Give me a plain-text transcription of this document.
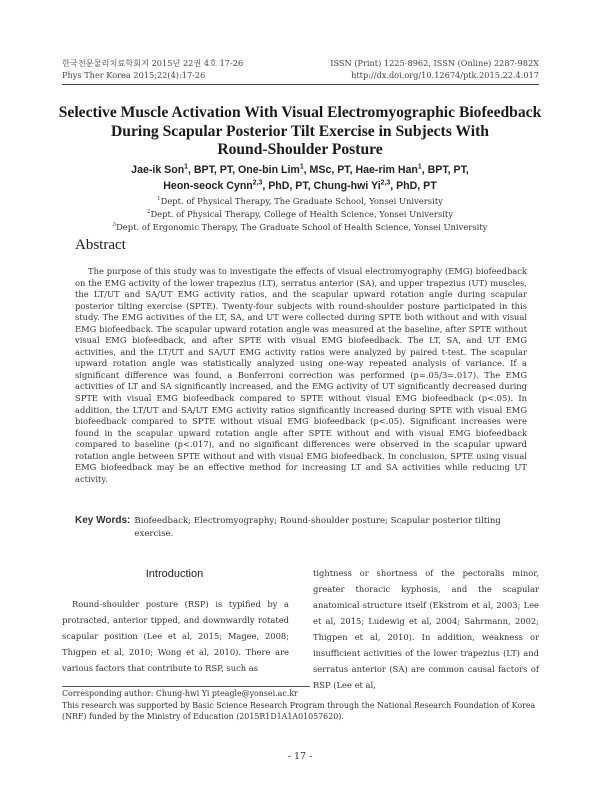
한국전문물리치료학회지 2015년 22권 4호 17-26
Phys Ther Korea 2015;22(4):17-26
ISSN (Print) 1225-8962, ISSN (Online) 2287-982X
http://dx.doi.org/10.12674/ptk.2015.22.4.017
Selective Muscle Activation With Visual Electromyographic Biofeedback
During Scapular Posterior Tilt Exercise in Subjects With
Round-Shoulder Posture
Jae-ik Son$^1$, BPT, PT, One-bin Lim$^1$, MSc, PT, Hae-rim Han$^1$, BPT, PT,
Heon-seock Cynn$^{2,3}$, PhD, PT, Chung-hwi Yi$^{2,3}$, PhD, PT
$^1$Dept. of Physical Therapy, The Graduate School, Yonsei University
$^2$Dept. of Physical Therapy, College of Health Science, Yonsei University
$^3$Dept. of Ergonomic Therapy, The Graduate School of Health Science, Yonsei University
Abstract
The purpose of this study was to investigate the effects of visual electromyography (EMG) biofeedback on the EMG activity of the lower trapezius (LT), serratus anterior (SA), and upper trapezius (UT) muscles, the LT/UT and SA/UT EMG activity ratios, and the scapular upward rotation angle during scapular posterior tilting exercise (SPTE). Twenty-four subjects with round-shoulder posture participated in this study. The EMG activities of the LT, SA, and UT were collected during SPTE both without and with visual EMG biofeedback. The scapular upward rotation angle was measured at the baseline, after SPTE without visual EMG biofeedback, and after SPTE with visual EMG biofeedback. The LT, SA, and UT EMG activities, and the LT/UT and SA/UT EMG activity ratios were analyzed by paired t-test. The scapular upward rotation angle was statistically analyzed using one-way repeated analysis of variance. If a significant difference was found, a Bonferroni correction was performed (p=.05/3=.017). The EMG activities of LT and SA significantly increased, and the EMG activity of UT significantly decreased during SPTE with visual EMG biofeedback compared to SPTE without visual EMG biofeedback (p<.05). In addition, the LT/UT and SA/UT EMG activity ratios significantly increased during SPTE with visual EMG biofeedback compared to SPTE without visual EMG biofeedback (p<.05). Significant increases were found in the scapular upward rotation angle after SPTE without and with visual EMG biofeedback compared to baseline (p<.017), and no significant differences were observed in the scapular upward rotation angle between SPTE without and with visual EMG biofeedback. In conclusion, SPTE using visual EMG biofeedback may be an effective method for increasing LT and SA activities while reducing UT activity.
Key Words: Biofeedback; Electromyography; Round-shoulder posture; Scapular posterior tilting exercise.
Introduction
Round-shoulder posture (RSP) is typified by a protracted, anterior tipped, and downwardly rotated scapular position (Lee et al, 2015; Magee, 2008; Thigpen et al, 2010; Wong et al, 2010). There are various factors that contribute to RSP, such as
tightness or shortness of the pectoralis minor, greater thoracic kyphosis, and the scapular anatomical structure itself (Ekstrom et al, 2003; Lee et al, 2015; Ludewig et al, 2004; Sahrmann, 2002; Thigpen et al, 2010). In addition, weakness or insufficient activities of the lower trapezius (LT) and serratus anterior (SA) are common causal factors of RSP (Lee et al,
Corresponding author: Chung-hwi Yi pteagle@yonsei.ac.kr
This research was supported by Basic Science Research Program through the National Research Foundation of Korea (NRF) funded by the Ministry of Education (2015R1D1A1A01057620).
- 17 -
